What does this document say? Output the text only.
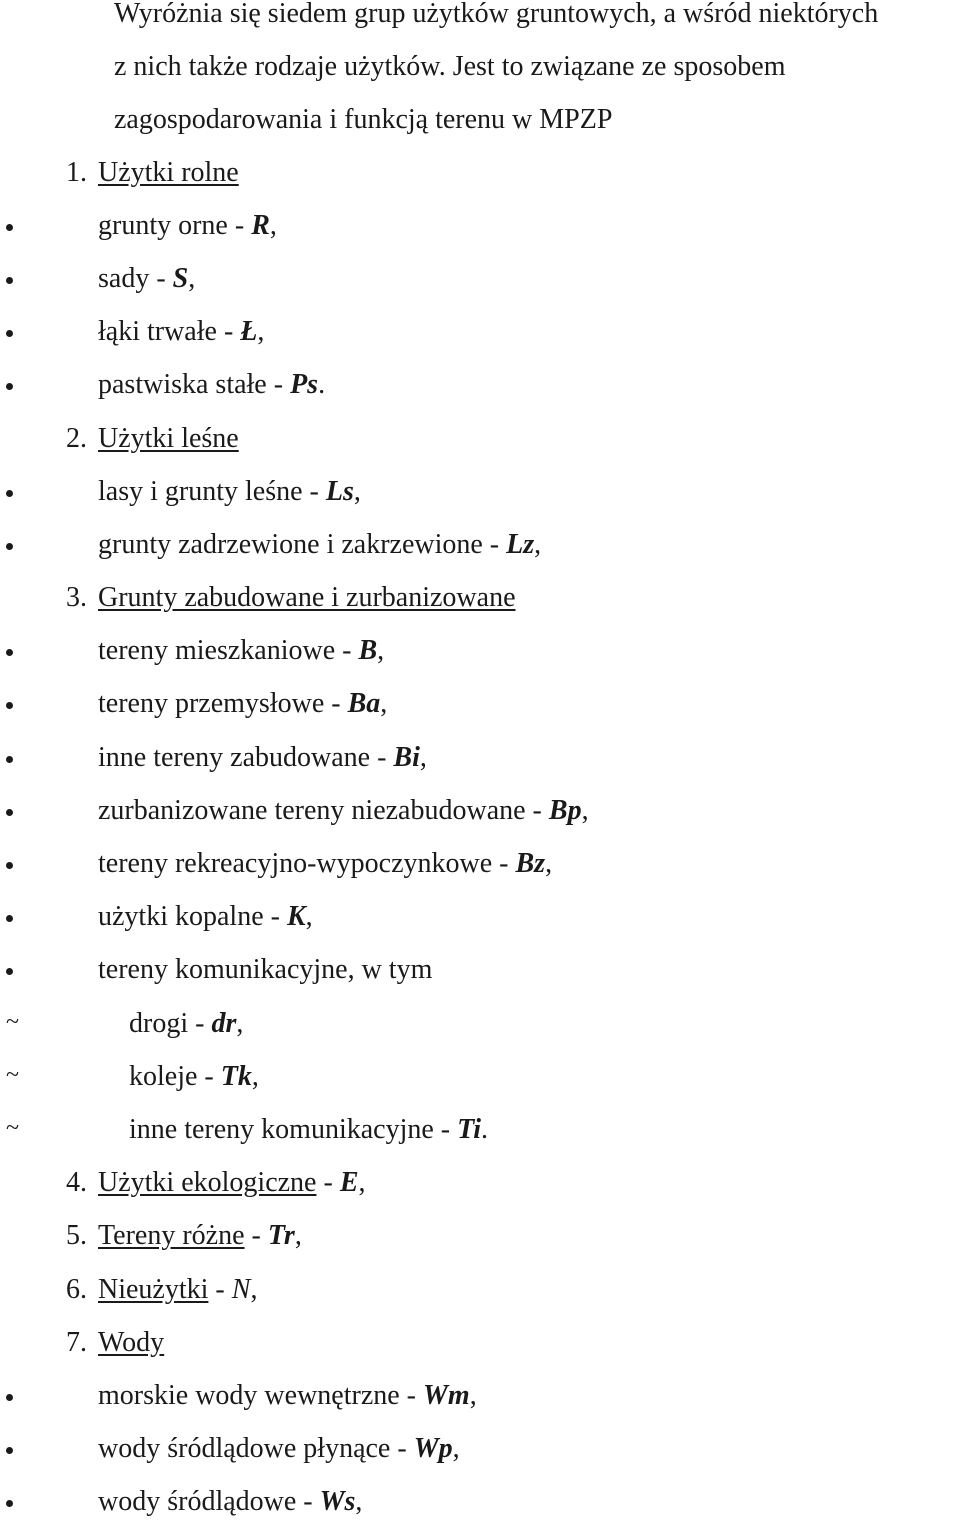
Wyróżnia się siedem grup użytków gruntowych, a wśród niektórych
z nich także rodzaje użytków. Jest to związane ze sposobem
zagospodarowania i funkcją terenu w MPZP
1. Użytki rolne
grunty orne - R,
sady - S,
łąki trwałe - Ł,
pastwiska stałe - Ps.
2. Użytki leśne
lasy i grunty leśne - Ls,
grunty zadrzewione i zakrzewione - Lz,
3. Grunty zabudowane i zurbanizowane
tereny mieszkaniowe - B,
tereny przemysłowe - Ba,
inne tereny zabudowane - Bi,
zurbanizowane tereny niezabudowane - Bp,
tereny rekreacyjno-wypoczynkowe - Bz,
użytki kopalne - K,
tereny komunikacyjne, w tym
~	drogi - dr,
~	koleje - Tk,
~	inne tereny komunikacyjne - Ti.
4. Użytki ekologiczne - E,
5. Tereny różne - Tr,
6. Nieużytki - N,
7. Wody
morskie wody wewnętrzne - Wm,
wody śródlądowe płynące - Wp,
wody śródlądowe - Ws,
